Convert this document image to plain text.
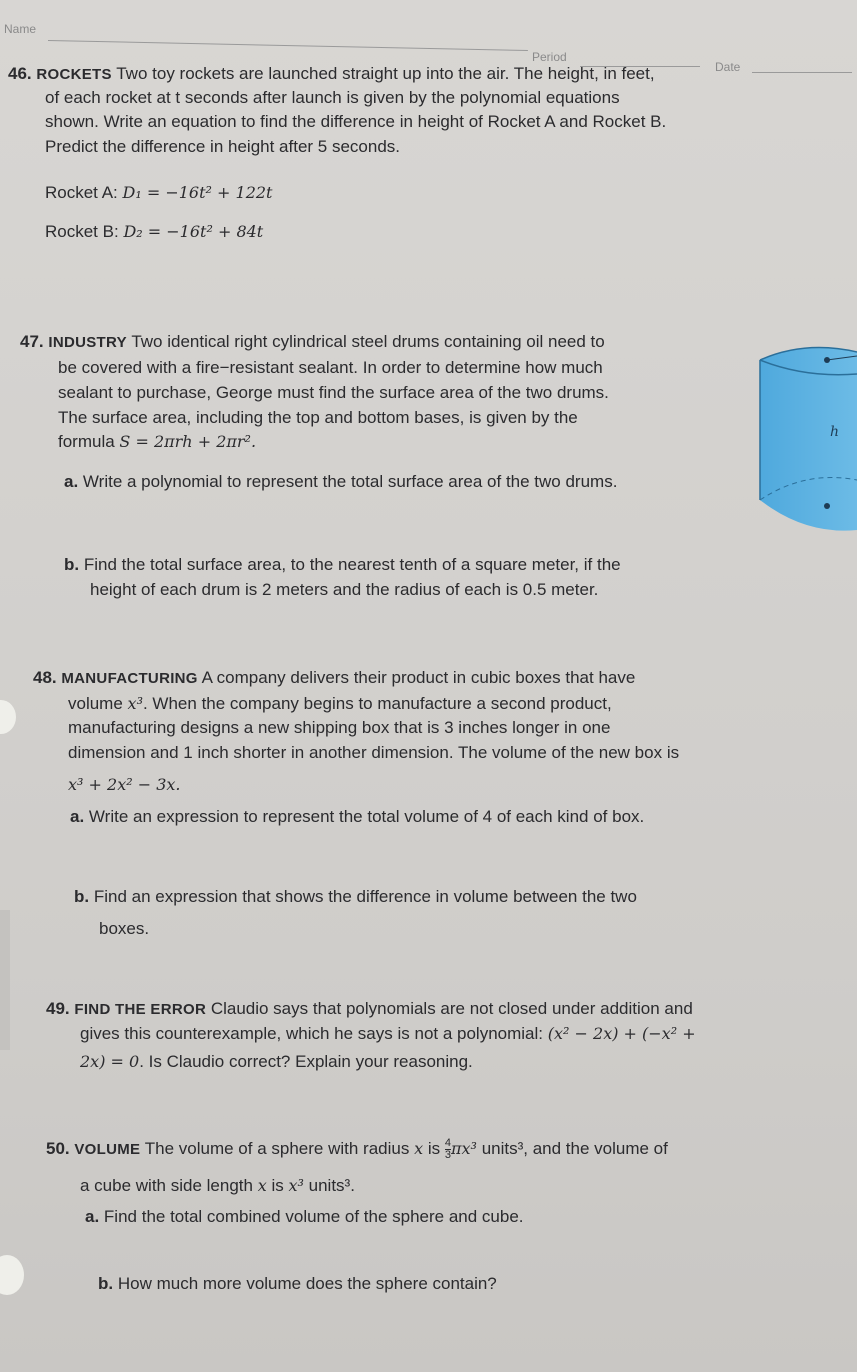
Name
Period
Date
46. ROCKETS Two toy rockets are launched straight up into the air. The height, in feet,
of each rocket at t seconds after launch is given by the polynomial equations
shown. Write an equation to find the difference in height of Rocket A and Rocket B.
Predict the difference in height after 5 seconds.
Rocket A: D₁ = −16t² + 122t
Rocket B: D₂ = −16t² + 84t
47. INDUSTRY Two identical right cylindrical steel drums containing oil need to
be covered with a fire−resistant sealant. In order to determine how much
sealant to purchase, George must find the surface area of the two drums.
The surface area, including the top and bottom bases, is given by the
formula S = 2πrh + 2πr².
a. Write a polynomial to represent the total surface area of the two drums.
b. Find the total surface area, to the nearest tenth of a square meter, if the
height of each drum is 2 meters and the radius of each is 0.5 meter.
h
48. MANUFACTURING A company delivers their product in cubic boxes that have
volume x³. When the company begins to manufacture a second product,
manufacturing designs a new shipping box that is 3 inches longer in one
dimension and 1 inch shorter in another dimension. The volume of the new box is
x³ + 2x² − 3x.
a. Write an expression to represent the total volume of 4 of each kind of box.
b. Find an expression that shows the difference in volume between the two
boxes.
49. FIND THE ERROR Claudio says that polynomials are not closed under addition and
gives this counterexample, which he says is not a polynomial: (x² − 2x) + (−x² +
2x) = 0. Is Claudio correct? Explain your reasoning.
50. VOLUME The volume of a sphere with radius x is $\frac{4}{3} \pi x^3$ units³, and the volume of
a cube with side length x is x³ units³.
a. Find the total combined volume of the sphere and cube.
b. How much more volume does the sphere contain?
